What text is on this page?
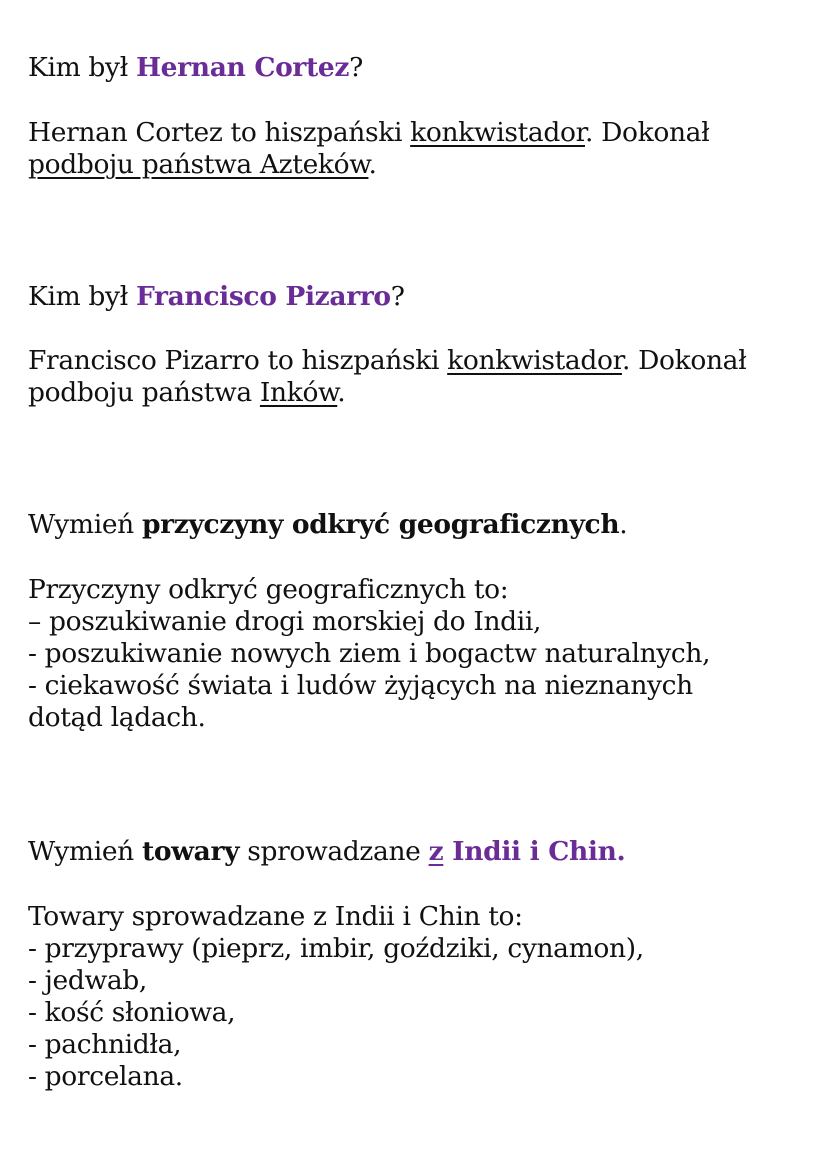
Kim był Hernan Cortez?
Hernan Cortez to hiszpański konkwistador. Dokonał
podboju państwa Azteków.
Kim był Francisco Pizarro?
Francisco Pizarro to hiszpański konkwistador. Dokonał
podboju państwa Inków.
Wymień przyczyny odkryć geograficznych.
Przyczyny odkryć geograficznych to:
– poszukiwanie drogi morskiej do Indii,
- poszukiwanie nowych ziem i bogactw naturalnych,
- ciekawość świata i ludów żyjących na nieznanych
dotąd lądach.
Wymień towary sprowadzane z Indii i Chin.
Towary sprowadzane z Indii i Chin to:
- przyprawy (pieprz, imbir, goździki, cynamon),
- jedwab,
- kość słoniowa,
- pachnidła,
- porcelana.
